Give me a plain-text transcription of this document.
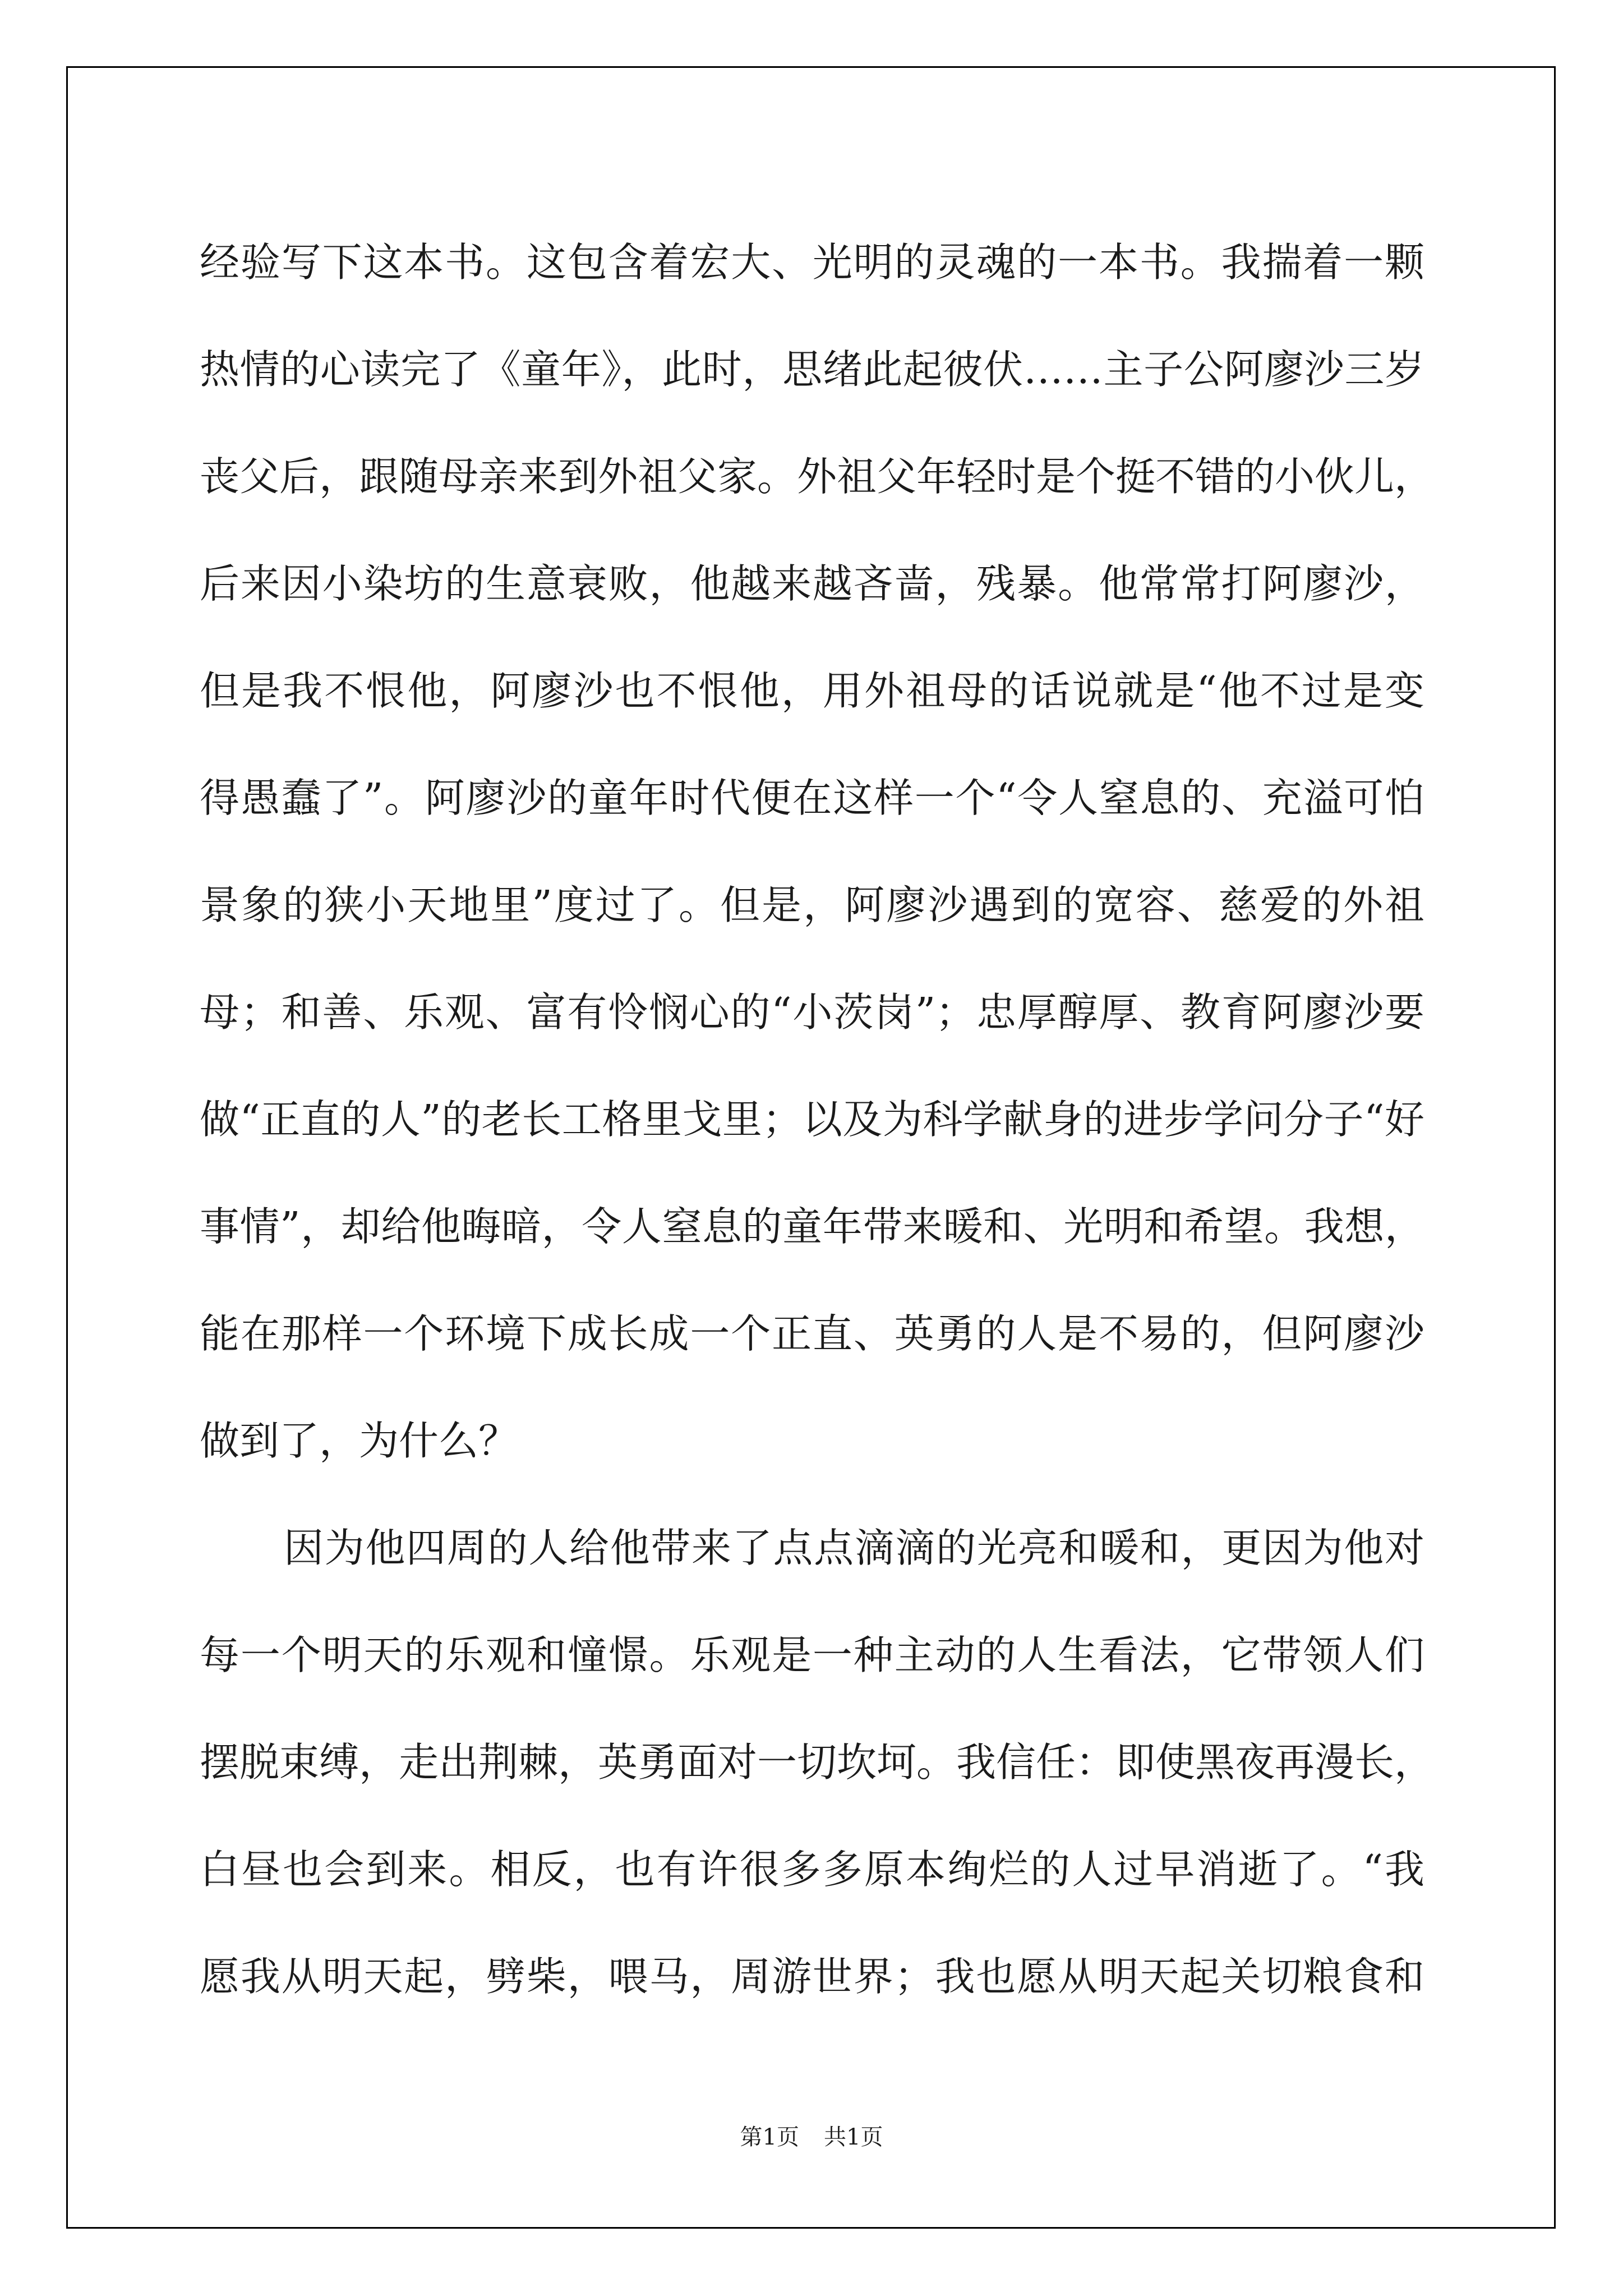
经验写下这本书。这包含着宏大、光明的灵魂的一本书。我揣着一颗
热情的心读完了《童年》，此时，思绪此起彼伏……主子公阿廖沙三岁
丧父后，跟随母亲来到外祖父家。外祖父年轻时是个挺不错的小伙儿，
后来因小染坊的生意衰败，他越来越吝啬，残暴。他常常打阿廖沙，
但是我不恨他，阿廖沙也不恨他，用外祖母的话说就是“他不过是变
得愚蠢了”。阿廖沙的童年时代便在这样一个“令人窒息的、充溢可怕
景象的狭小天地里”度过了。但是，阿廖沙遇到的宽容、慈爱的外祖
母；和善、乐观、富有怜悯心的“小茨岗”；忠厚醇厚、教育阿廖沙要
做“正直的人”的老长工格里戈里；以及为科学献身的进步学问分子“好
事情”，却给他晦暗，令人窒息的童年带来暖和、光明和希望。我想，
能在那样一个环境下成长成一个正直、英勇的人是不易的，但阿廖沙
做到了，为什么？
因为他四周的人给他带来了点点滴滴的光亮和暖和，更因为他对
每一个明天的乐观和憧憬。乐观是一种主动的人生看法，它带领人们
摆脱束缚，走出荆棘，英勇面对一切坎坷。我信任：即使黑夜再漫长，
白昼也会到来。相反，也有许很多多原本绚烂的人过早消逝了。“我
愿我从明天起，劈柴，喂马，周游世界；我也愿从明天起关切粮食和
第1页 共1页
